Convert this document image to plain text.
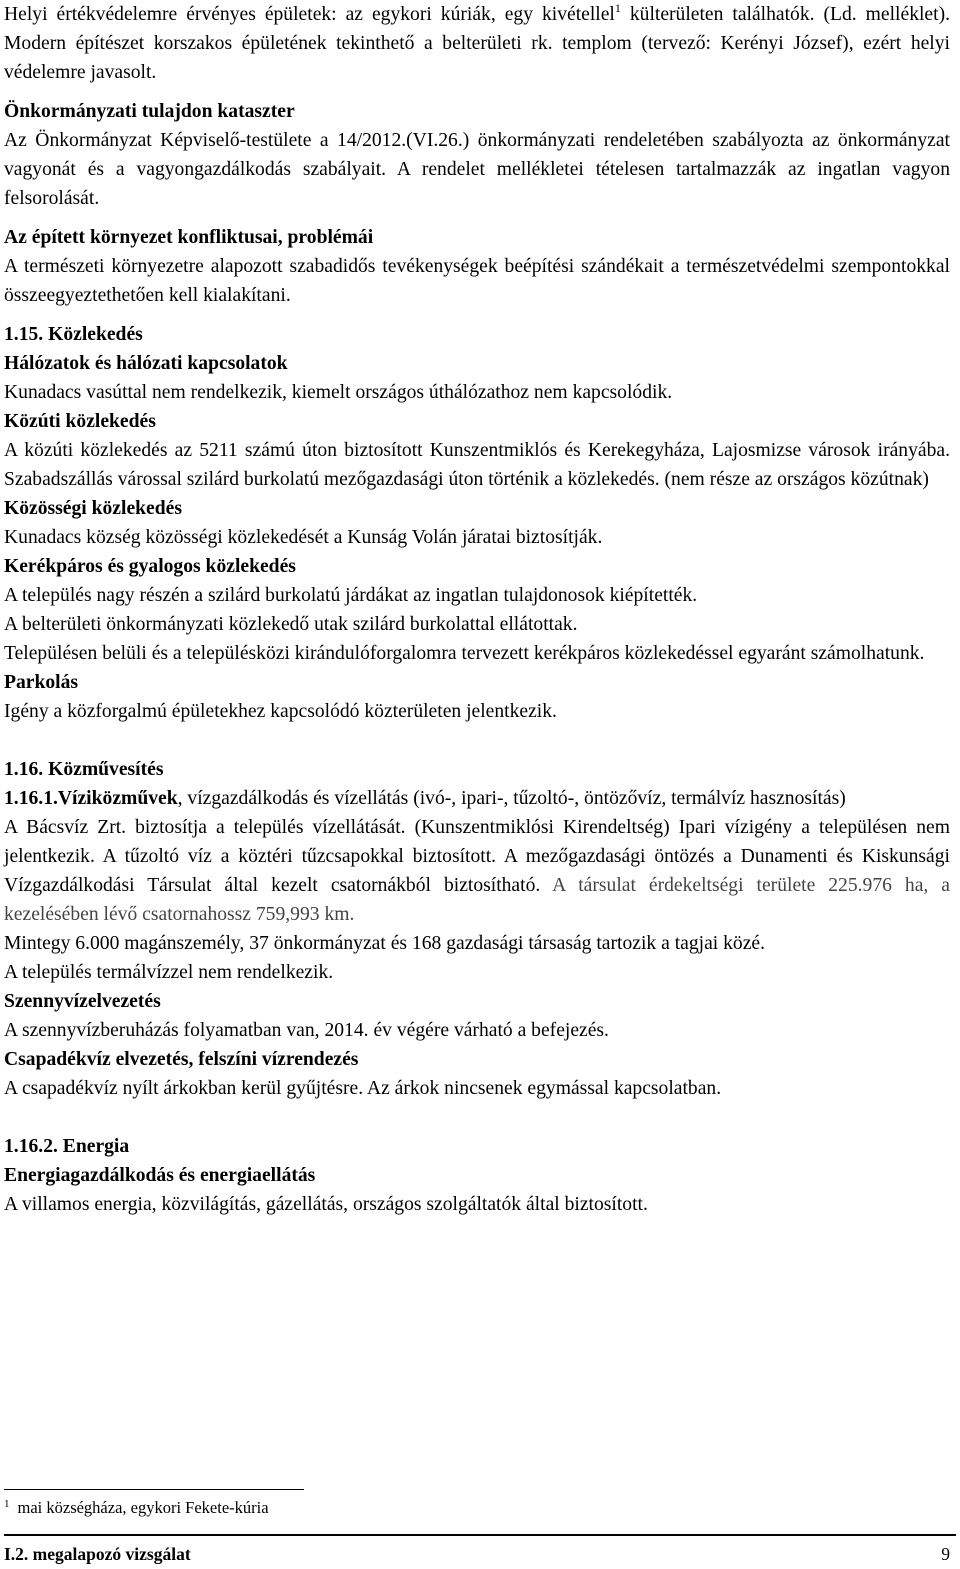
Helyi értékvédelemre érvényes épületek: az egykori kúriák, egy kivétellel$^1$ külterületen találhatók. (Ld. melléklet). Modern építészet korszakos épületének tekinthető a belterületi rk. templom (tervező: Kerényi József), ezért helyi védelemre javasolt.

Önkormányzati tulajdon kataszter

Az Önkormányzat Képviselő-testülete a 14/2012.(VI.26.) önkormányzati rendeletében szabályozta az önkormányzat vagyonát és a vagyongazdálkodás szabályait. A rendelet mellékletei tételesen tartalmazzák az ingatlan vagyon felsorolását.

Az épített környezet konfliktusai, problémái

A természeti környezetre alapozott szabadidős tevékenységek beépítési szándékait a természetvédelmi szempontokkal összeegyeztethetően kell kialakítani.

1.15. Közlekedés

Hálózatok és hálózati kapcsolatok

Kunadacs vasúttal nem rendelkezik, kiemelt országos úthálózathoz nem kapcsolódik.

Közúti közlekedés

A közúti közlekedés az 5211 számú úton biztosított Kunszentmiklós és Kerekegyháza, Lajosmizse városok irányába. Szabadszállás várossal szilárd burkolatú mezőgazdasági úton történik a közlekedés. (nem része az országos közútnak)

Közösségi közlekedés

Kunadacs község közösségi közlekedését a Kunság Volán járatai biztosítják.

Kerékpáros és gyalogos közlekedés

A település nagy részén a szilárd burkolatú járdákat az ingatlan tulajdonosok kiépítették.

A belterületi önkormányzati közlekedő utak szilárd burkolattal ellátottak.

Településen belüli és a településközi kirándulóforgalomra tervezett kerékpáros közlekedéssel egyaránt számolhatunk.

Parkolás

Igény a közforgalmú épületekhez kapcsolódó közterületen jelentkezik.

1.16. Közművesítés

1.16.1.Víziközművek, vízgazdálkodás és vízellátás (ivó-, ipari-, tűzoltó-, öntözővíz, termálvíz hasznosítás)

A Bácsvíz Zrt. biztosítja a település vízellátását. (Kunszentmiklósi Kirendeltség) Ipari vízigény a településen nem jelentkezik. A tűzoltó víz a köztéri tűzcsapokkal biztosított. A mezőgazdasági öntözés a Dunamenti és Kiskunsági Vízgazdálkodási Társulat által kezelt csatornákból biztosítható. A társulat érdekeltségi területe 225.976 ha, a kezelésében lévő csatornahossz 759,993 km.

Mintegy 6.000 magánszemély, 37 önkormányzat és 168 gazdasági társaság tartozik a tagjai közé.

A település termálvízzel nem rendelkezik.

Szennyvízelvezetés

A szennyvízberuházás folyamatban van, 2014. év végére várható a befejezés.

Csapadékvíz elvezetés, felszíni vízrendezés

A csapadékvíz nyílt árkokban kerül gyűjtésre. Az árkok nincsenek egymással kapcsolatban.

1.16.2. Energia

Energiagazdálkodás és energiaellátás

A villamos energia, közvilágítás, gázellátás, országos szolgáltatók által biztosított.

$^1$ mai községháza, egykori Fekete-kúria
I.2. megalapozó vizsgálat	9
